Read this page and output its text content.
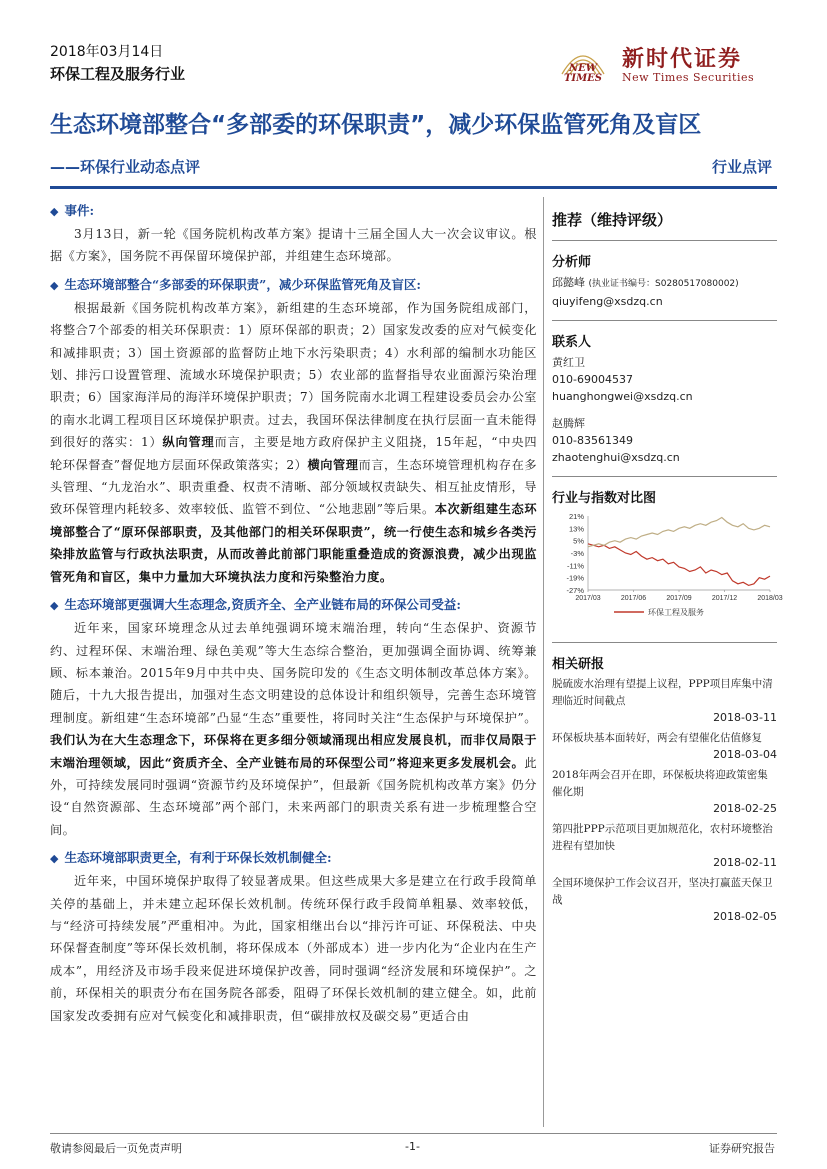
2018年03月14日
环保工程及服务行业	NEW
TIMES
新时代证券
New Times Securities
生态环境部整合“多部委的环保职责”，减少环保监管死角及盲区
——环保行业动态点评	行业点评
◆ 事件:

3月13日，新一轮《国务院机构改革方案》提请十三届全国人大一次会议审议。根据《方案》，国务院不再保留环境保护部，并组建生态环境部。

◆ 生态环境部整合“多部委的环保职责”，减少环保监管死角及盲区:

根据最新《国务院机构改革方案》，新组建的生态环境部，作为国务院组成部门，将整合7个部委的相关环保职责：1）原环保部的职责；2）国家发改委的应对气候变化和减排职责；3）国土资源部的监督防止地下水污染职责；4）水利部的编制水功能区划、排污口设置管理、流域水环境保护职责；5）农业部的监督指导农业面源污染治理职责；6）国家海洋局的海洋环境保护职责；7）国务院南水北调工程建设委员会办公室的南水北调工程项目区环境保护职责。过去，我国环保法律制度在执行层面一直未能得到很好的落实：1）纵向管理而言，主要是地方政府保护主义阻挠，15年起，“中央四轮环保督查”督促地方层面环保政策落实；2）横向管理而言，生态环境管理机构存在多头管理、“九龙治水”、职责重叠、权责不清晰、部分领域权责缺失、相互扯皮情形，导致环保管理内耗较多、效率较低、监管不到位、“公地悲剧”等后果。本次新组建生态环境部整合了“原环保部职责，及其他部门的相关环保职责”，统一行使生态和城乡各类污染排放监管与行政执法职责，从而改善此前部门职能重叠造成的资源浪费，减少出现监管死角和盲区，集中力量加大环境执法力度和污染整治力度。

◆ 生态环境部更强调大生态理念,资质齐全、全产业链布局的环保公司受益:

近年来，国家环境理念从过去单纯强调环境末端治理，转向“生态保护、资源节约、过程环保、末端治理、绿色美观”等大生态综合整治，更加强调全面协调、统筹兼顾、标本兼治。2015年9月中共中央、国务院印发的《生态文明体制改革总体方案》。随后，十九大报告提出，加强对生态文明建设的总体设计和组织领导，完善生态环境管理制度。新组建“生态环境部”凸显“生态”重要性，将同时关注“生态保护与环境保护”。我们认为在大生态理念下，环保将在更多细分领域涌现出相应发展良机，而非仅局限于末端治理领域，因此“资质齐全、全产业链布局的环保型公司”将迎来更多发展机会。此外，可持续发展同时强调“资源节约及环境保护”，但最新《国务院机构改革方案》仍分设“自然资源部、生态环境部”两个部门，未来两部门的职责关系有进一步梳理整合空间。

◆ 生态环境部职责更全，有利于环保长效机制健全:

近年来，中国环境保护取得了较显著成果。但这些成果大多是建立在行政手段简单关停的基础上，并未建立起环保长效机制。传统环保行政手段简单粗暴、效率较低，与“经济可持续发展”严重相冲。为此，国家相继出台以“排污许可证、环保税法、中央环保督查制度”等环保长效机制，将环保成本（外部成本）进一步内化为“企业内在生产成本”，用经济及市场手段来促进环境保护改善，同时强调“经济发展和环境保护”。之前，环保相关的职责分布在国务院各部委，阻碍了环保长效机制的建立健全。如，此前国家发改委拥有应对气候变化和减排职责，但“碳排放权及碳交易”更适合由

推荐（维持评级）
分析师
邱懿峰 (执业证书编号：S0280517080002)
qiuyifeng@xsdzq.cn
联系人
黄红卫
010-69004537
huanghongwei@xsdzq.cn
赵腾辉
010-83561349
zhaotenghui@xsdzq.cn
行业与指数对比图
21%
13%
5%
-3%
-11%
-19%
-27%
2017/03	2017/06	2017/09	2017/12	2018/03
环保工程及服务
相关研报
脱硫废水治理有望提上议程，PPP项目库集中清理临近时间截点
2018-03-11
环保板块基本面转好，两会有望催化估值修复
2018-03-04
2018年两会召开在即，环保板块将迎政策密集催化期
2018-02-25
第四批PPP示范项目更加规范化，农村环境整治进程有望加快
2018-02-11
全国环境保护工作会议召开，坚决打赢蓝天保卫战
2018-02-05
敬请参阅最后一页免责声明	-1-	证券研究报告
